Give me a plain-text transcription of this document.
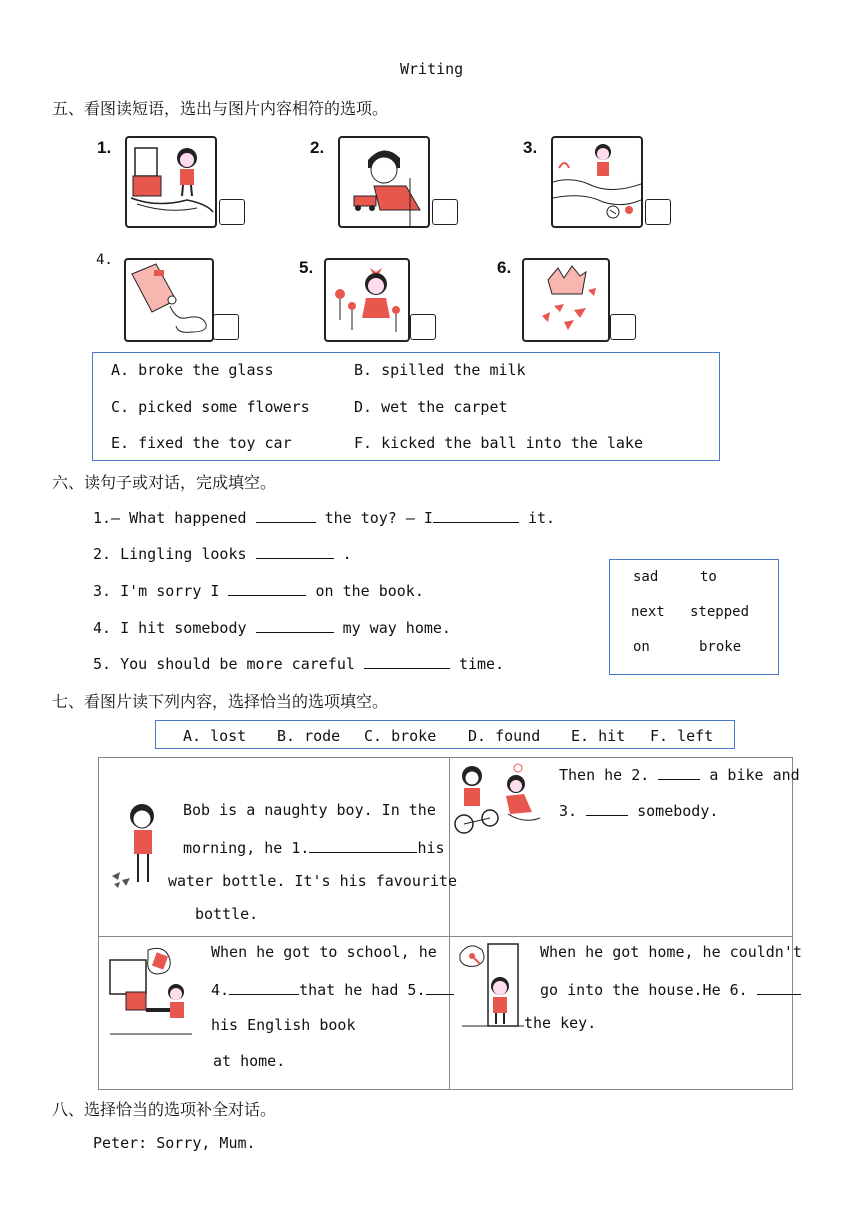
Writing
五、看图读短语，选出与图片内容相符的选项。
1.	2.	3.
4.	5.	6.
A. broke the glass	B. spilled the milk
C. picked some flowers	D. wet the carpet
E. fixed the toy car	F. kicked the ball into the lake
六、读句子或对话，完成填空。
1.— What happened	the toy? — I	it.
2. Lingling looks	.
3. I'm sorry I	on the book.
4. I hit somebody	my way home.
5. You should be more careful	time.
sad	to
next stepped
on	broke
七、看图片读下列内容，选择恰当的选项填空。
A. lost B. rode C. broke D. found E. hit F. left
Bob is a naughty boy. In the
morning, he 1.	his
water bottle. It's his favourite
bottle.
Then he 2.	a bike and
3.	somebody.
When he got to school, he
4.	that he had 5.
his English book
at home.
When he got home, he couldn't
go into the house.He 6.
the key.
八、选择恰当的选项补全对话。
Peter: Sorry, Mum.
